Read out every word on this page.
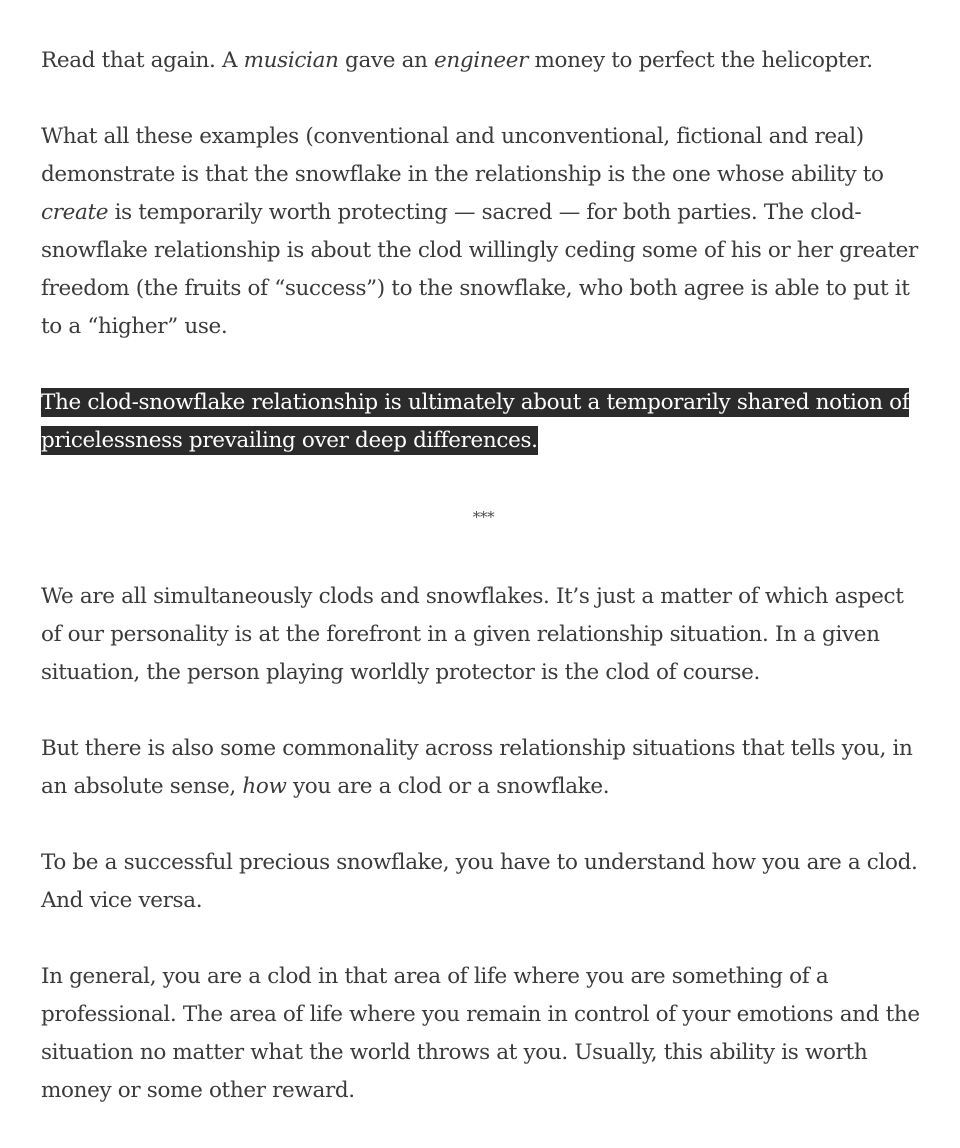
Read that again. A musician gave an engineer money to perfect the helicopter.

What all these examples (conventional and unconventional, fictional and real) demonstrate is that the snowflake in the relationship is the one whose ability to create is temporarily worth protecting — sacred — for both parties. The clod-snowflake relationship is about the clod willingly ceding some of his or her greater freedom (the fruits of “success”) to the snowflake, who both agree is able to put it to a “higher” use.

The clod-snowflake relationship is ultimately about a temporarily shared notion of pricelessness prevailing over deep differences.

***

We are all simultaneously clods and snowflakes. It’s just a matter of which aspect of our personality is at the forefront in a given relationship situation. In a given situation, the person playing worldly protector is the clod of course.

But there is also some commonality across relationship situations that tells you, in an absolute sense, how you are a clod or a snowflake.

To be a successful precious snowflake, you have to understand how you are a clod. And vice versa.

In general, you are a clod in that area of life where you are something of a professional. The area of life where you remain in control of your emotions and the situation no matter what the world throws at you. Usually, this ability is worth money or some other reward.
